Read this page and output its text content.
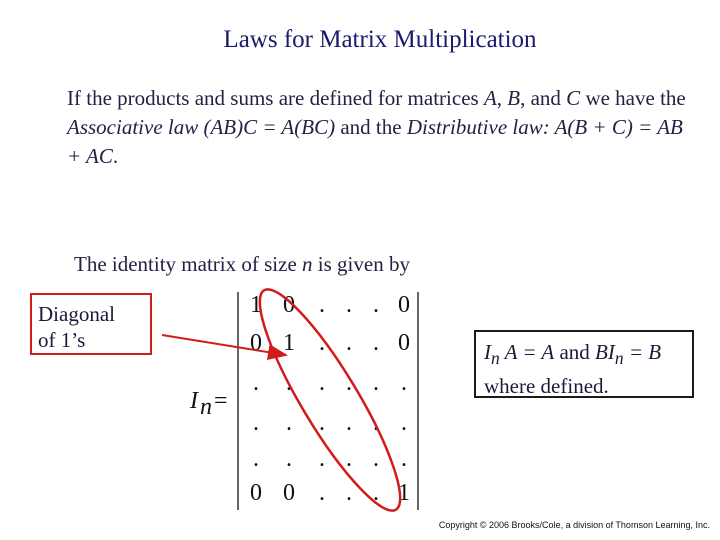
Laws for Matrix Multiplication
If the products and sums are defined for matrices A, B, and C we have the Associative law (AB)C = A(BC) and the Distributive law: A(B + C) = AB + AC.
The identity matrix of size n is given by
Diagonal
of 1’s
I n =
1 0 . . . 0
0 1 . . . 0
. . . . . .
. . . . . .
. . . . . .
0 0 . . . 1
$I_n$ A = A and $BI_n = B$
where defined.
Copyright © 2006 Brooks/Cole, a division of Thomson Learning, Inc.
